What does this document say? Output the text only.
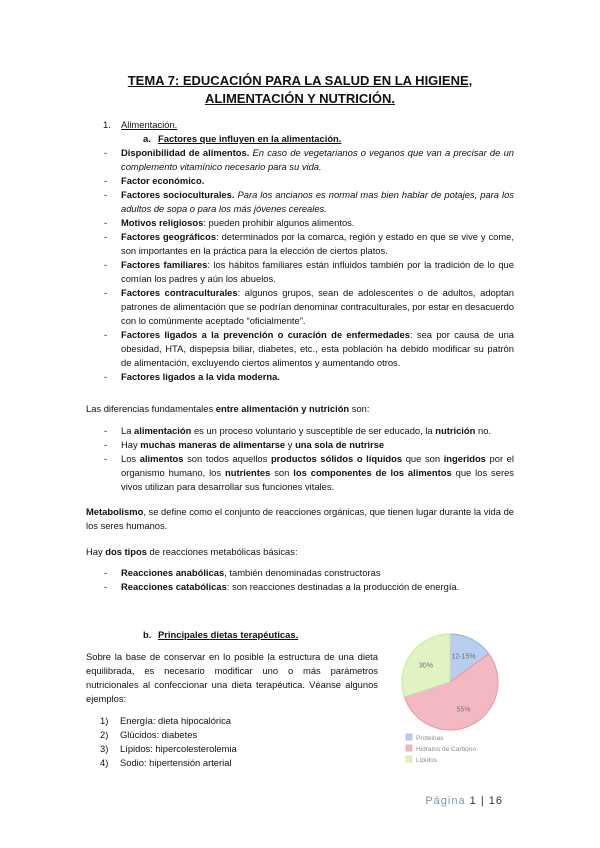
TEMA 7: EDUCACIÓN PARA LA SALUD EN LA HIGIENE, ALIMENTACIÓN Y NUTRICIÓN.
1. Alimentación.
a. Factores que influyen en la alimentación.
- Disponibilidad de alimentos. En caso de vegetarianos o veganos que van a precisar de un complemento vitamínico necesario para su vida.
- Factor económico.
- Factores socioculturales. Para los ancianos es normal mas bien hablar de potajes, para los adultos de sopa o para los más jóvenes cereales.
- Motivos religiosos: pueden prohibir algunos alimentos.
- Factores geográficos: determinados por la comarca, región y estado en que se vive y come, son importantes en la práctica para la elección de ciertos platos.
- Factores familiares: los hábitos familiares están influidos también por la tradición de lo que comían los padres y aún los abuelos.
- Factores contraculturales: algunos grupos, sean de adolescentes o de adultos, adoptan patrones de alimentación que se podrían denominar contraculturales, por estar en desacuerdo con lo comúnmente aceptado “oficialmente”.
- Factores ligados a la prevención o curación de enfermedades: sea por causa de una obesidad, HTA, dispepsia biliar, diabetes, etc., esta población ha debido modificar su patrón de alimentación, excluyendo ciertos alimentos y aumentando otros.
- Factores ligados a la vida moderna.
Las diferencias fundamentales entre alimentación y nutrición son:
- La alimentación es un proceso voluntario y susceptible de ser educado, la nutrición no.
- Hay muchas maneras de alimentarse y una sola de nutrirse
- Los alimentos son todos aquellos productos sólidos o líquidos que son ingeridos por el organismo humano, los nutrientes son los componentes de los alimentos que los seres vivos utilizan para desarrollar sus funciones vitales.
Metabolismo, se define como el conjunto de reacciones orgánicas, que tienen lugar durante la vida de los seres humanos.
Hay dos tipos de reacciones metabólicas básicas:
- Reacciones anabólicas, también denominadas constructoras
- Reacciones catabólicas: son reacciones destinadas a la producción de energía.
b. Principales dietas terapéuticas.
Sobre la base de conservar en lo posible la estructura de una dieta equilibrada, es necesario modificar uno o más parámetros nutricionales al confeccionar una dieta terapéutica. Véanse algunos ejemplos:
1) Energía: dieta hipocalórica
2) Glúcidos: diabetes
3) Lípidos: hipercolesterolemia
4) Sodio: hipertensión arterial
12-15%
55%
30%
Proteinas
Hidratos de Carbono
Lípidos
Página 1 | 16
